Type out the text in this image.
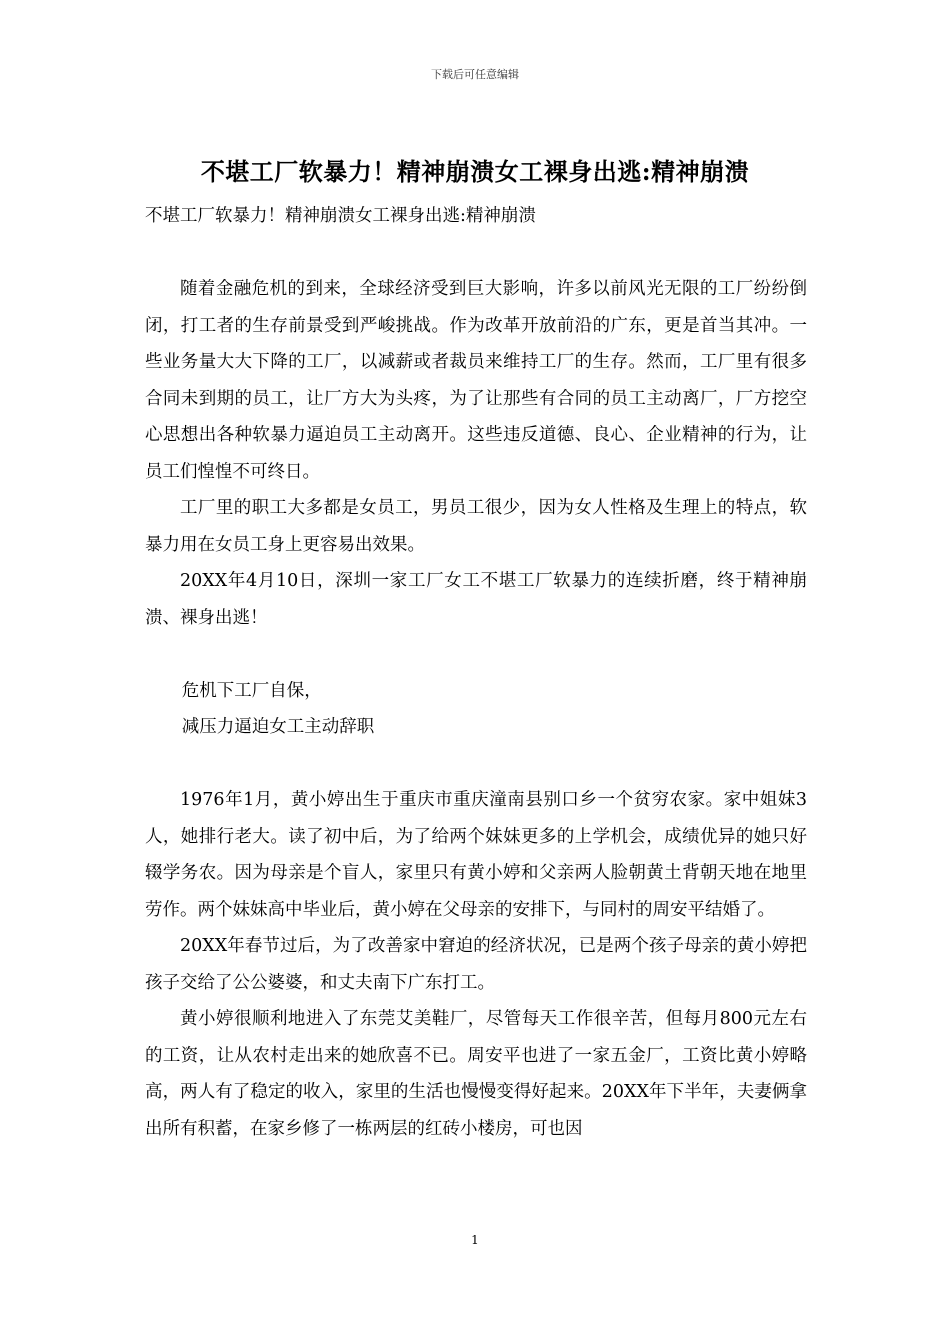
下载后可任意编辑
不堪工厂软暴力！精神崩溃女工裸身出逃:精神崩溃

不堪工厂软暴力！精神崩溃女工裸身出逃:精神崩溃

随着金融危机的到来，全球经济受到巨大影响，许多以前风光无限的工厂纷纷倒闭，打工者的生存前景受到严峻挑战。作为改革开放前沿的广东，更是首当其冲。一些业务量大大下降的工厂，以减薪或者裁员来维持工厂的生存。然而，工厂里有很多合同未到期的员工，让厂方大为头疼，为了让那些有合同的员工主动离厂，厂方挖空心思想出各种软暴力逼迫员工主动离开。这些违反道德、良心、企业精神的行为，让员工们惶惶不可终日。

工厂里的职工大多都是女员工，男员工很少，因为女人性格及生理上的特点，软暴力用在女员工身上更容易出效果。

20XX年4月10日，深圳一家工厂女工不堪工厂软暴力的连续折磨，终于精神崩溃、裸身出逃！

危机下工厂自保，

减压力逼迫女工主动辞职

1976年1月，黄小婷出生于重庆市重庆潼南县别口乡一个贫穷农家。家中姐妹3人，她排行老大。读了初中后，为了给两个妹妹更多的上学机会，成绩优异的她只好辍学务农。因为母亲是个盲人，家里只有黄小婷和父亲两人脸朝黄土背朝天地在地里劳作。两个妹妹高中毕业后，黄小婷在父母亲的安排下，与同村的周安平结婚了。

20XX年春节过后，为了改善家中窘迫的经济状况，已是两个孩子母亲的黄小婷把孩子交给了公公婆婆，和丈夫南下广东打工。

黄小婷很顺利地进入了东莞艾美鞋厂，尽管每天工作很辛苦，但每月800元左右的工资，让从农村走出来的她欣喜不已。周安平也进了一家五金厂，工资比黄小婷略高，两人有了稳定的收入，家里的生活也慢慢变得好起来。20XX年下半年，夫妻俩拿出所有积蓄，在家乡修了一栋两层的红砖小楼房，可也因

1
